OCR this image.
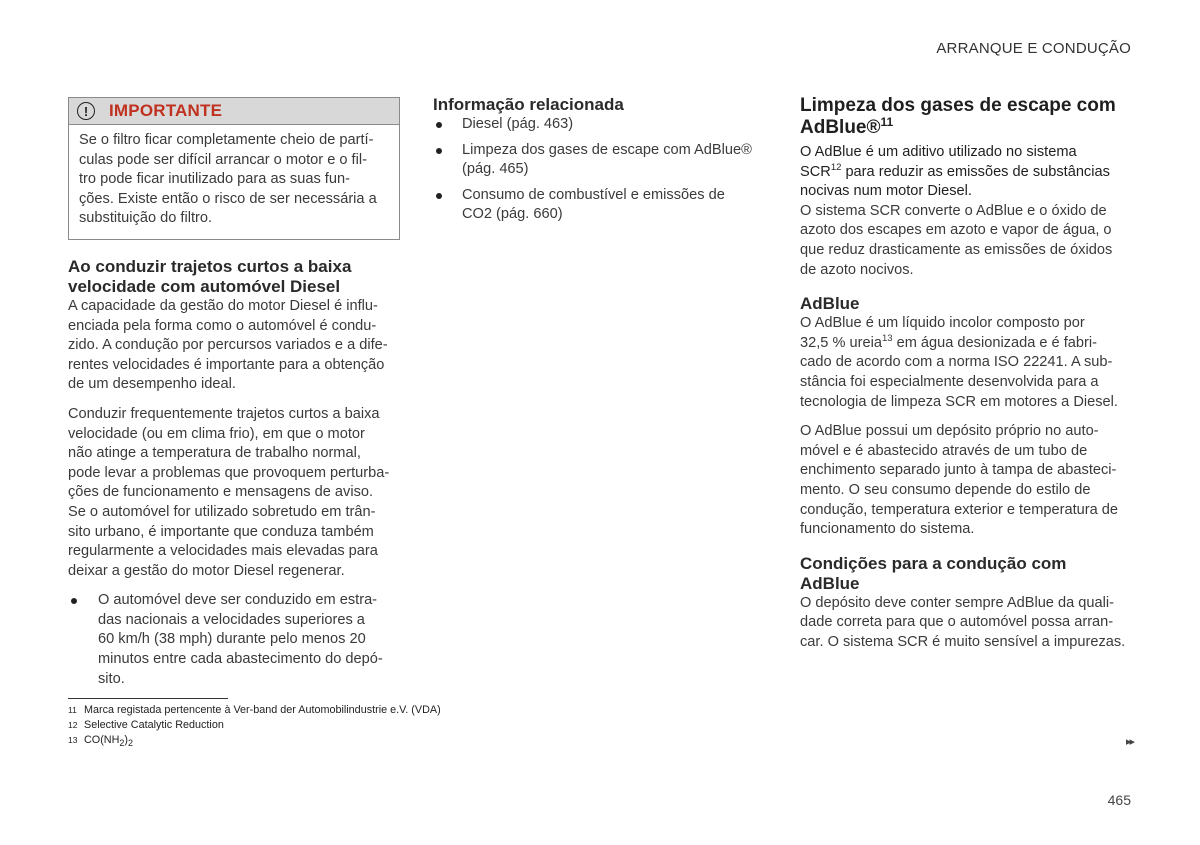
ARRANQUE E CONDUÇÃO
!	IMPORTANTE
Se o filtro ficar completamente cheio de partí-
culas pode ser difícil arrancar o motor e o fil-
tro pode ficar inutilizado para as suas fun-
ções. Existe então o risco de ser necessária a
substituição do filtro.
Ao conduzir trajetos curtos a baixa
velocidade com automóvel Diesel

A capacidade da gestão do motor Diesel é influ-
enciada pela forma como o automóvel é condu-
zido. A condução por percursos variados e a dife-
rentes velocidades é importante para a obtenção
de um desempenho ideal.

Conduzir frequentemente trajetos curtos a baixa
velocidade (ou em clima frio), em que o motor
não atinge a temperatura de trabalho normal,
pode levar a problemas que provoquem perturba-
ções de funcionamento e mensagens de aviso.
Se o automóvel for utilizado sobretudo em trân-
sito urbano, é importante que conduza também
regularmente a velocidades mais elevadas para
deixar a gestão do motor Diesel regenerar.

O automóvel deve ser conduzido em estra-
das nacionais a velocidades superiores a
60 km/h (38 mph) durante pelo menos 20
minutos entre cada abastecimento do depó-
sito.
Informação relacionada
Diesel (pág. 463)
Limpeza dos gases de escape com AdBlue®
(pág. 465)
Consumo de combustível e emissões de
CO2 (pág. 660)
Limpeza dos gases de escape com
AdBlue®$^{11}$

O AdBlue é um aditivo utilizado no sistema
SCR$^{12}$ para reduzir as emissões de substâncias
nocivas num motor Diesel.

O sistema SCR converte o AdBlue e o óxido de
azoto dos escapes em azoto e vapor de água, o
que reduz drasticamente as emissões de óxidos
de azoto nocivos.

AdBlue

O AdBlue é um líquido incolor composto por
32,5 % ureia$^{13}$ em água desionizada e é fabri-
cado de acordo com a norma ISO 22241. A sub-
stância foi especialmente desenvolvida para a
tecnologia de limpeza SCR em motores a Diesel.

O AdBlue possui um depósito próprio no auto-
móvel e é abastecido através de um tubo de
enchimento separado junto à tampa de abasteci-
mento. O seu consumo depende do estilo de
condução, temperatura exterior e temperatura de
funcionamento do sistema.

Condições para a condução com
AdBlue

O depósito deve conter sempre AdBlue da quali-
dade correta para que o automóvel possa arran-
car. O sistema SCR é muito sensível a impurezas.

11 Marca registada pertencente à Ver-band der Automobilindustrie e.V. (VDA)
12 Selective Catalytic Reduction
13 $CO(NH_2)_2$	▸▸
465
